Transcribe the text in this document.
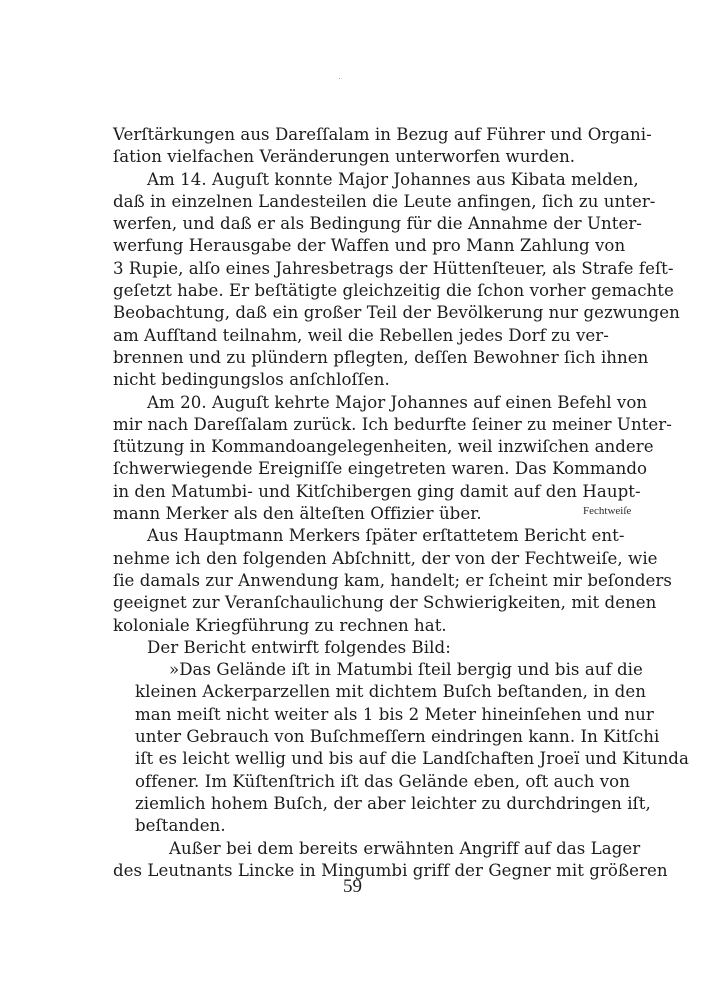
Verſtärkungen aus Dareſſalam in Bezug auf Führer und Organi-
ſation vielfachen Veränderungen unterworfen wurden.
Am 14. Auguſt konnte Major Johannes aus Kibata melden,
daß in einzelnen Landesteilen die Leute anfingen, ſich zu unter-
werfen, und daß er als Bedingung für die Annahme der Unter-
werfung Herausgabe der Waffen und pro Mann Zahlung von
3 Rupie, alſo eines Jahresbetrags der Hüttenſteuer, als Strafe feſt-
geſetzt habe. Er beſtätigte gleichzeitig die ſchon vorher gemachte
Beobachtung, daß ein großer Teil der Bevölkerung nur gezwungen
am Aufſtand teilnahm, weil die Rebellen jedes Dorf zu ver-
brennen und zu plündern pflegten, deſſen Bewohner ſich ihnen
nicht bedingungslos anſchloſſen.
Am 20. Auguſt kehrte Major Johannes auf einen Befehl von
mir nach Dareſſalam zurück. Ich bedurfte ſeiner zu meiner Unter-
ſtützung in Kommandoangelegenheiten, weil inzwiſchen andere
ſchwerwiegende Ereigniſſe eingetreten waren. Das Kommando
in den Matumbi- und Kitſchibergen ging damit auf den Haupt-
mann Merker als den älteſten Offizier über.
Aus Hauptmann Merkers ſpäter erſtattetem Bericht ent-
nehme ich den folgenden Abſchnitt, der von der Fechtweiſe, wie
ſie damals zur Anwendung kam, handelt; er ſcheint mir beſonders
geeignet zur Veranſchaulichung der Schwierigkeiten, mit denen
koloniale Kriegführung zu rechnen hat.
Der Bericht entwirft folgendes Bild:
»Das Gelände iſt in Matumbi ſteil bergig und bis auf die
kleinen Ackerparzellen mit dichtem Buſch beſtanden, in den
man meiſt nicht weiter als 1 bis 2 Meter hineinſehen und nur
unter Gebrauch von Buſchmeſſern eindringen kann. In Kitſchi
iſt es leicht wellig und bis auf die Landſchaften Jroeï und Kitunda
offener. Im Küſtenſtrich iſt das Gelände eben, oft auch von
ziemlich hohem Buſch, der aber leichter zu durchdringen iſt,
beſtanden.
Außer bei dem bereits erwähnten Angriff auf das Lager
des Leutnants Lincke in Mingumbi griff der Gegner mit größeren
Fechtweiſe
59
